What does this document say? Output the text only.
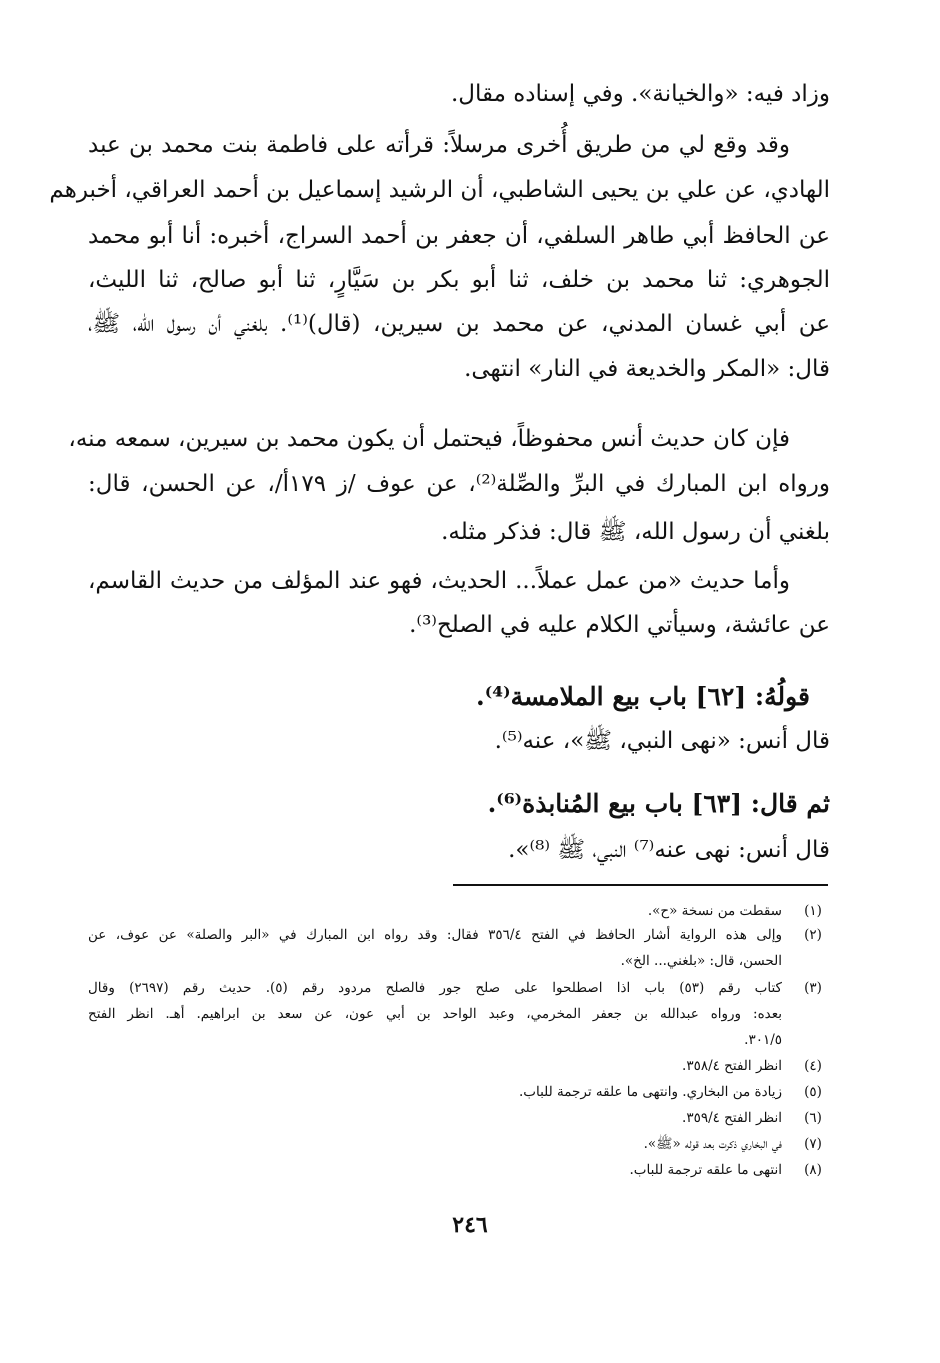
وزاد فيه: «والخيانة». وفي إسناده مقال.
وقد وقع لي من طريق أُخرى مرسلاً: قرأته على فاطمة بنت محمد بن عبد
الهادي، عن علي بن يحيى الشاطبي، أن الرشيد إسماعيل بن أحمد العراقي، أخبرهم
عن الحافظ أبي طاهر السلفي، أن جعفر بن أحمد السراج، أخبره: أنا أبو محمد
الجوهري: ثنا محمد بن خلف، ثنا أبو بكر بن سَيَّارٍ، ثنا أبو صالح، ثنا الليث،
عن أبي غسان المدني، عن محمد بن سيرين، (قال)⁽¹⁾. بلغني أن رسول الله، ﷺ،
قال: «المكر والخديعة في النار» انتهى.
فإن كان حديث أنس محفوظاً، فيحتمل أن يكون محمد بن سيرين، سمعه منه،
ورواه ابن المبارك في البرِّ والصِّلة⁽²⁾، عن عوف /ز ١٧٩أ/، عن الحسن، قال:
بلغني أن رسول الله، ﷺ قال: فذكر مثله.
وأما حديث «من عمل عملاً... الحديث، فهو عند المؤلف من حديث القاسم،
عن عائشة، وسيأتي الكلام عليه في الصلح⁽³⁾.
قولُهُ: [٦٢] باب بيع الملامسة⁽⁴⁾.
قال أنس: «نهى النبي، ﷺ»، عنه⁽⁵⁾.
ثم قال: [٦٣] باب بيع المُنابذة⁽⁶⁾.
قال أنس: نهى عنه⁽⁷⁾ النبي، ﷺ ⁽⁸⁾».
(١)
سقطت من نسخة «ح».
(٢)
وإلى هذه الرواية أشار الحافظ في الفتح ٣٥٦/٤ فقال: وقد رواه ابن المبارك في «البر والصلة» عن عوف، عن
الحسن، قال: «بلغني... الخ».
(٣)
كتاب رقم (٥٣) باب اذا اصطلحوا على صلح جور فالصلح مردود رقم (٥). حديث رقم (٢٦٩٧) وقال
بعده: ورواه عبدالله بن جعفر المخرمي، وعبد الواحد بن أبي عون، عن سعد بن ابراهيم. أهـ. انظر الفتح
٣٠١/٥.
(٤)
انظر الفتح ٣٥٨/٤.
(٥)
زيادة من البخاري. وانتهى ما علقه ترجمة للباب.
(٦)
انظر الفتح ٣٥٩/٤.
(٧)
في البخاري ذكرت بعد قوله «ﷺ».
(٨)
انتهى ما علقه ترجمة للباب.
٢٤٦
